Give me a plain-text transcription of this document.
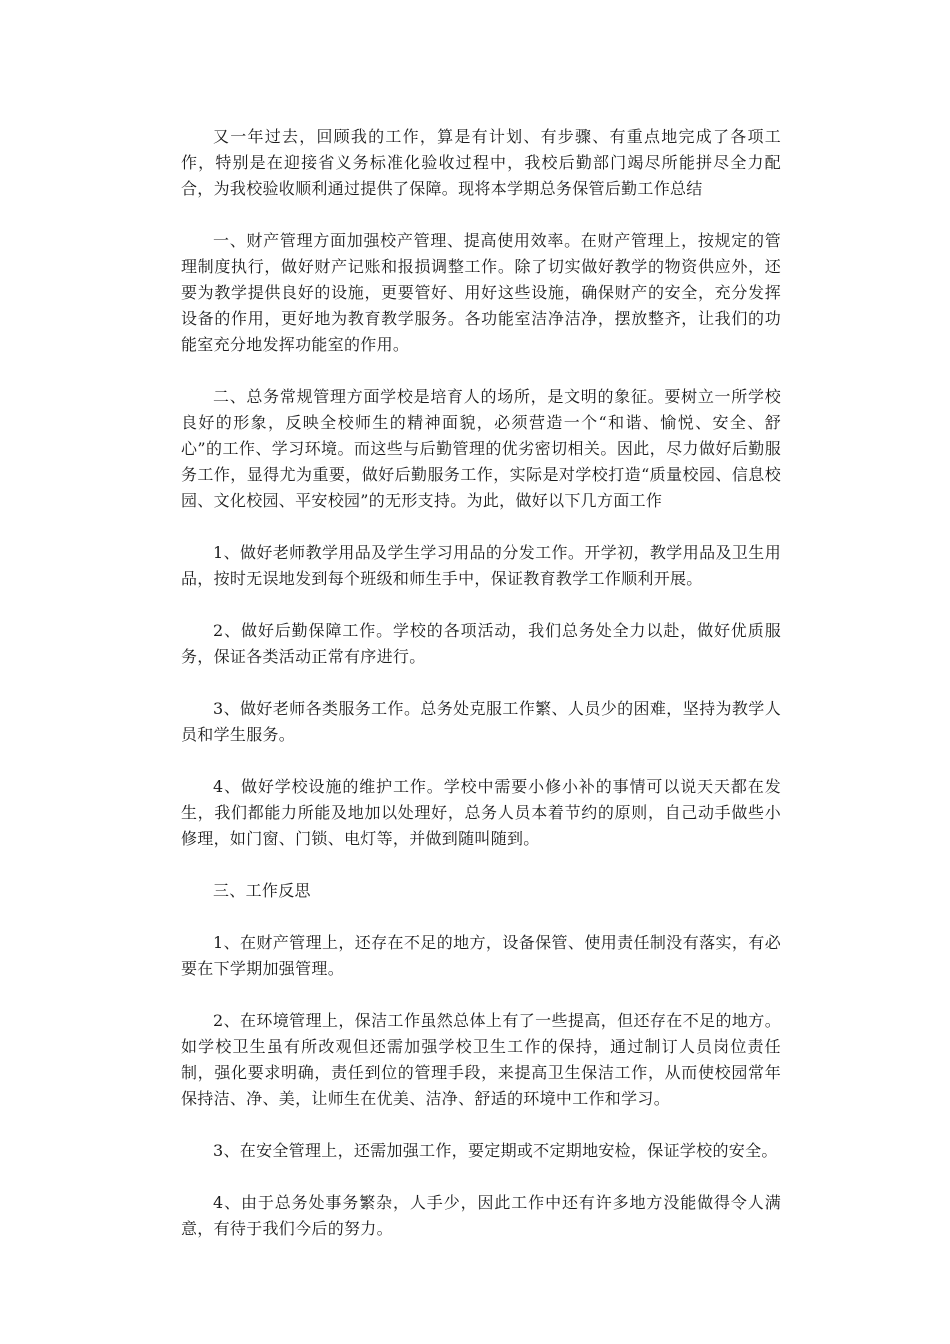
又一年过去，回顾我的工作，算是有计划、有步骤、有重点地完成了各项工作，特别是在迎接省义务标准化验收过程中，我校后勤部门竭尽所能拼尽全力配合，为我校验收顺利通过提供了保障。现将本学期总务保管后勤工作总结

一、财产管理方面加强校产管理、提高使用效率。在财产管理上，按规定的管理制度执行，做好财产记账和报损调整工作。除了切实做好教学的物资供应外，还要为教学提供良好的设施，更要管好、用好这些设施，确保财产的安全，充分发挥设备的作用，更好地为教育教学服务。各功能室洁净洁净，摆放整齐，让我们的功能室充分地发挥功能室的作用。

二、总务常规管理方面学校是培育人的场所，是文明的象征。要树立一所学校良好的形象，反映全校师生的精神面貌，必须营造一个“和谐、愉悦、安全、舒心”的工作、学习环境。而这些与后勤管理的优劣密切相关。因此，尽力做好后勤服务工作，显得尤为重要，做好后勤服务工作，实际是对学校打造“质量校园、信息校园、文化校园、平安校园”的无形支持。为此，做好以下几方面工作

1、做好老师教学用品及学生学习用品的分发工作。开学初，教学用品及卫生用品，按时无误地发到每个班级和师生手中，保证教育教学工作顺利开展。

2、做好后勤保障工作。学校的各项活动，我们总务处全力以赴，做好优质服务，保证各类活动正常有序进行。

3、做好老师各类服务工作。总务处克服工作繁、人员少的困难，坚持为教学人员和学生服务。

4、做好学校设施的维护工作。学校中需要小修小补的事情可以说天天都在发生，我们都能力所能及地加以处理好，总务人员本着节约的原则，自己动手做些小修理，如门窗、门锁、电灯等，并做到随叫随到。

三、工作反思

1、在财产管理上，还存在不足的地方，设备保管、使用责任制没有落实，有必要在下学期加强管理。

2、在环境管理上，保洁工作虽然总体上有了一些提高，但还存在不足的地方。如学校卫生虽有所改观但还需加强学校卫生工作的保持，通过制订人员岗位责任制，强化要求明确，责任到位的管理手段，来提高卫生保洁工作，从而使校园常年保持洁、净、美，让师生在优美、洁净、舒适的环境中工作和学习。

3、在安全管理上，还需加强工作，要定期或不定期地安检，保证学校的安全。

4、由于总务处事务繁杂，人手少，因此工作中还有许多地方没能做得令人满意，有待于我们今后的努力。
